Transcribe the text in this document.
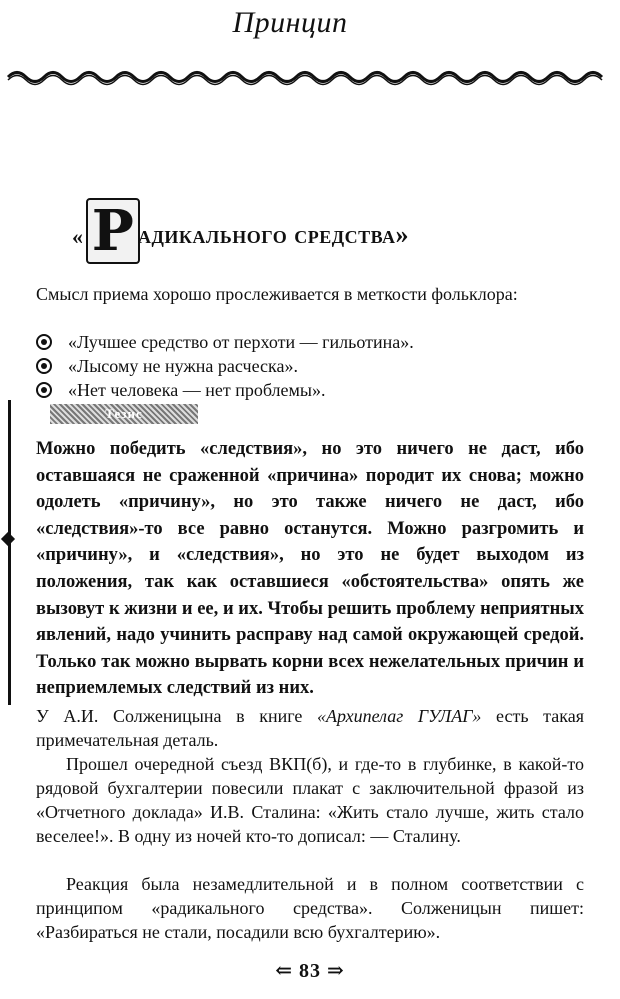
Принцип
« Р адикального средства»
Смысл приема хорошо прослеживается в меткости фольклора:
«Лучшее средство от перхоти — гильотина».
«Лысому не нужна расческа».
«Нет человека — нет проблемы».
Тезис
Можно победить «следствия», но это ничего не даст, ибо оставшаяся не сраженной «причина» породит их снова; можно одолеть «причину», но это также ничего не даст, ибо «следствия»-то все равно останутся. Можно разгромить и «причину», и «следствия», но это не будет выходом из положения, так как оставшиеся «обстоятельства» опять же вызовут к жизни и ее, и их. Чтобы решить проблему неприятных явлений, надо учинить расправу над самой окружающей средой. Только так можно вырвать корни всех нежелательных причин и неприемлемых следствий из них.
У А.И. Солженицына в книге «Архипелаг ГУЛАГ» есть такая примечательная деталь.
Прошел очередной съезд ВКП(б), и где-то в глубинке, в какой-то рядовой бухгалтерии повесили плакат с заключительной фразой из «Отчетного доклада» И.В. Сталина: «Жить стало лучше, жить стало веселее!». В одну из ночей кто-то дописал: — Сталину.
Реакция была незамедлительной и в полном соответствии с принципом «радикального средства». Солженицын пишет: «Разбираться не стали, посадили всю бухгалтерию».
⇐ 83 ⇒
